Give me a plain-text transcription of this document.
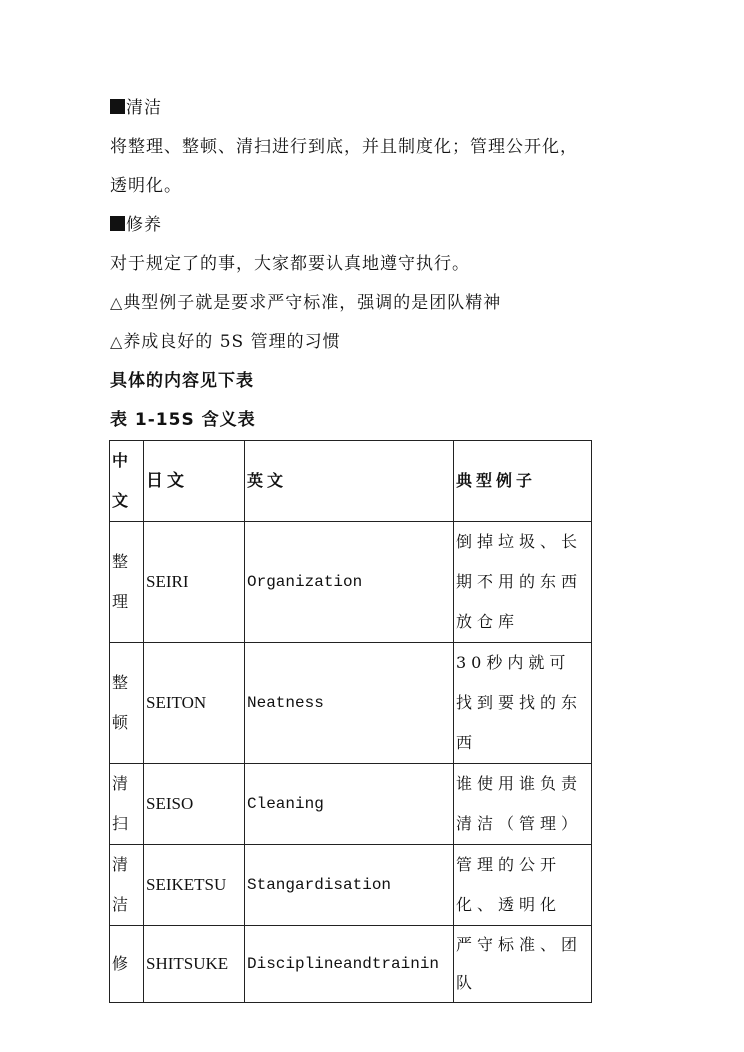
清洁
将整理、整顿、清扫进行到底，并且制度化；管理公开化，
透明化。
修养
对于规定了的事，大家都要认真地遵守执行。
△典型例子就是要求严守标准，强调的是团队精神
△养成良好的 5S 管理的习惯
具体的内容见下表
表 1-15S 含义表
中文	日文	英文	典型例子
整理	SEIRI	Organization	倒掉垃圾、长期不用的东西放仓库
整顿	SEITON	Neatness	30秒内就可找到要找的东西
清扫	SEISO	Cleaning	谁使用谁负责清洁（管理）
清洁	SEIKETSU	Stangardisation	管理的公开化、透明化
修	SHITSUKE	Disciplineandtrainin	严守标准、团队
